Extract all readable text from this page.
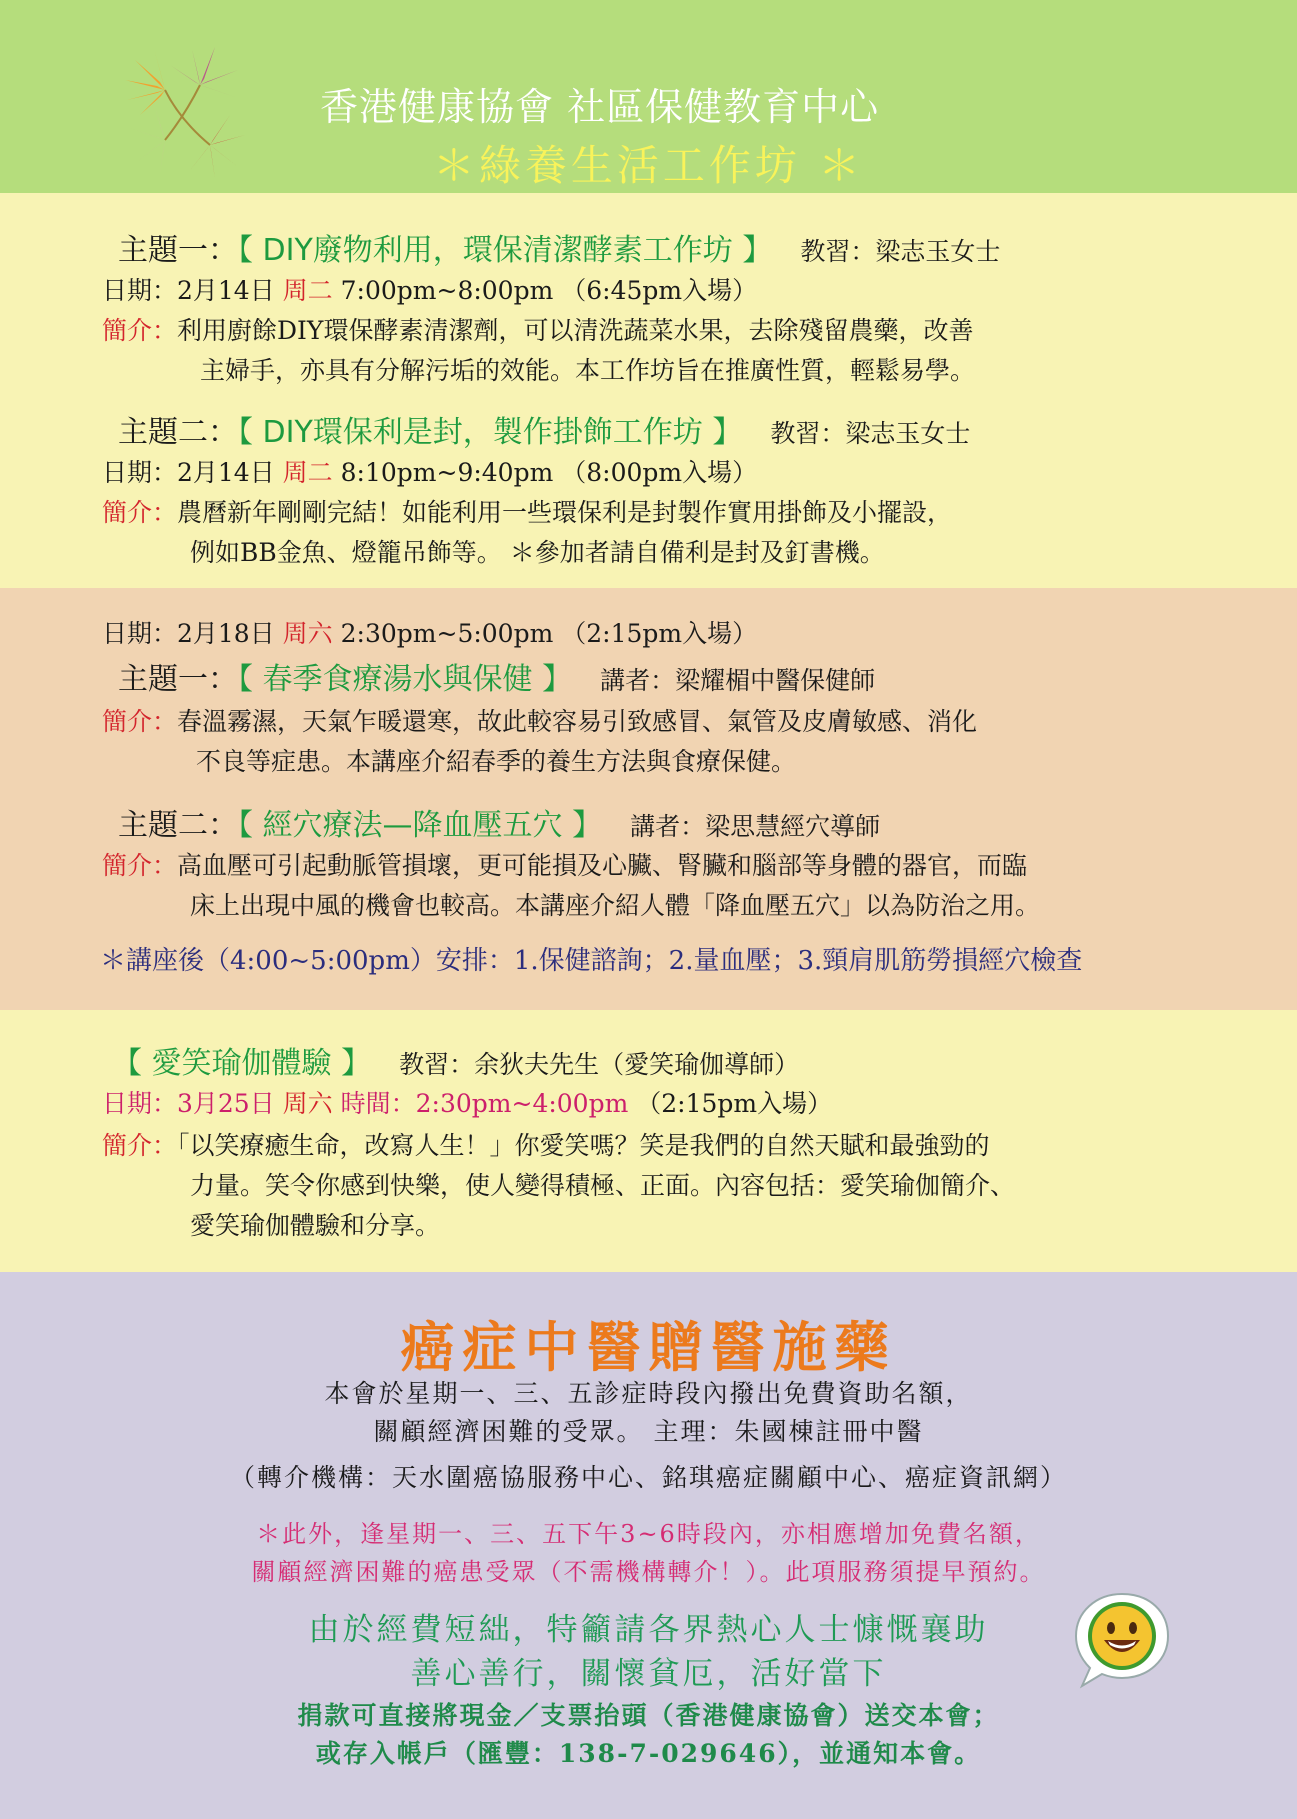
香港健康協會 社區保健教育中心
＊綠養生活工作坊 ＊
主題一：【 DIY廢物利用，環保清潔酵素工作坊 】 教習：梁志玉女士
日期：2月14日 周二 7:00pm~8:00pm （6:45pm入場）
簡介：利用廚餘DIY環保酵素清潔劑，可以清洗蔬菜水果，去除殘留農藥，改善
主婦手，亦具有分解污垢的效能。本工作坊旨在推廣性質，輕鬆易學。
主題二：【 DIY環保利是封，製作掛飾工作坊 】 教習：梁志玉女士
日期：2月14日 周二 8:10pm~9:40pm （8:00pm入場）
簡介：農曆新年剛剛完結！如能利用一些環保利是封製作實用掛飾及小擺設，
例如BB金魚、燈籠吊飾等。 ＊參加者請自備利是封及釘書機。
日期：2月18日 周六 2:30pm~5:00pm （2:15pm入場）
主題一：【 春季食療湯水與保健 】 講者：梁耀楣中醫保健師
簡介：春溫霧濕，天氣乍暖還寒，故此較容易引致感冒、氣管及皮膚敏感、消化
不良等症患。本講座介紹春季的養生方法與食療保健。
主題二：【 經穴療法—降血壓五穴 】 講者：梁思慧經穴導師
簡介：高血壓可引起動脈管損壞，更可能損及心臟、腎臟和腦部等身體的器官，而臨
床上出現中風的機會也較高。本講座介紹人體「降血壓五穴」以為防治之用。
＊講座後（4:00~5:00pm）安排：1.保健諮詢；2.量血壓；3.頸肩肌筋勞損經穴檢查
【 愛笑瑜伽體驗 】 教習：余狄夫先生（愛笑瑜伽導師）
日期：3月25日 周六 時間：2:30pm~4:00pm （2:15pm入場）
簡介：「以笑療癒生命，改寫人生！」你愛笑嗎？笑是我們的自然天賦和最強勁的
力量。笑令你感到快樂，使人變得積極、正面。內容包括：愛笑瑜伽簡介、
愛笑瑜伽體驗和分享。
癌症中醫贈醫施藥
本會於星期一、三、五診症時段內撥出免費資助名額，
關顧經濟困難的受眾。 主理：朱國棟註冊中醫
（轉介機構：天水圍癌協服務中心、銘琪癌症關顧中心、癌症資訊網）
＊此外，逢星期一、三、五下午3~6時段內，亦相應增加免費名額，
關顧經濟困難的癌患受眾（不需機構轉介！）。此項服務須提早預約。
由於經費短絀，特籲請各界熱心人士慷慨襄助
善心善行，關懷貧厄，活好當下
捐款可直接將現金／支票抬頭（香港健康協會）送交本會；
或存入帳戶（匯豐：138-7-029646），並通知本會。
